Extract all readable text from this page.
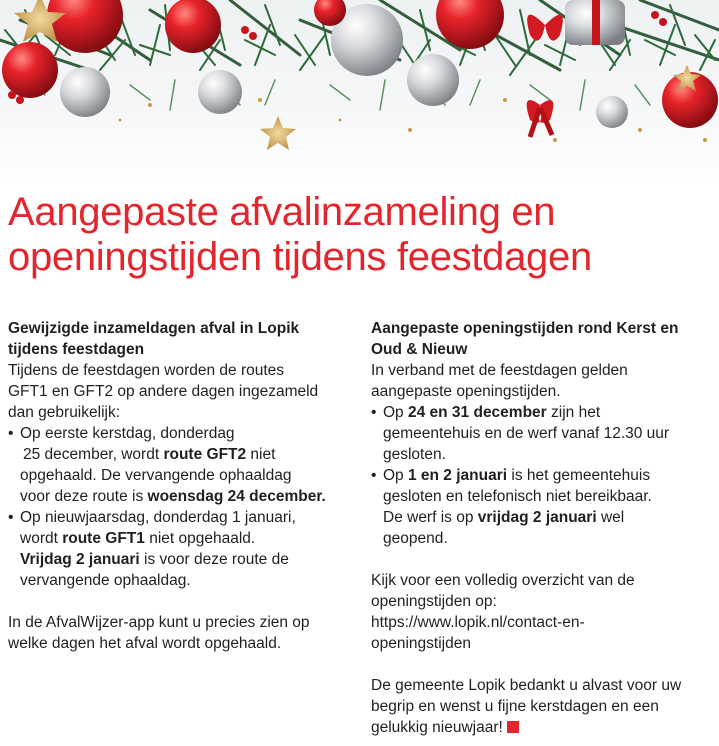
Aangepaste afvalinzameling en
openingstijden tijdens feestdagen
Gewijzigde inzameldagen afval in Lopik
tijdens feestdagen

Tijdens de feestdagen worden de routes
GFT1 en GFT2 op andere dagen ingezameld
dan gebruikelijk:

• Op eerste kerstdag, donderdag
25 december, wordt route GFT2 niet
opgehaald. De vervangende ophaaldag
voor deze route is woensdag 24 december.
• Op nieuwjaarsdag, donderdag 1 januari,
wordt route GFT1 niet opgehaald.
Vrijdag 2 januari is voor deze route de
vervangende ophaaldag.

In de AfvalWijzer-app kunt u precies zien op
welke dagen het afval wordt opgehaald.

Aangepaste openingstijden rond Kerst en
Oud & Nieuw

In verband met de feestdagen gelden
aangepaste openingstijden.

• Op 24 en 31 december zijn het
gemeentehuis en de werf vanaf 12.30 uur
gesloten.
• Op 1 en 2 januari is het gemeentehuis
gesloten en telefonisch niet bereikbaar.
De werf is op vrijdag 2 januari wel
geopend.

Kijk voor een volledig overzicht van de
openingstijden op:
https://www.lopik.nl/contact-en-
openingstijden

De gemeente Lopik bedankt u alvast voor uw
begrip en wenst u fijne kerstdagen en een
gelukkig nieuwjaar!
